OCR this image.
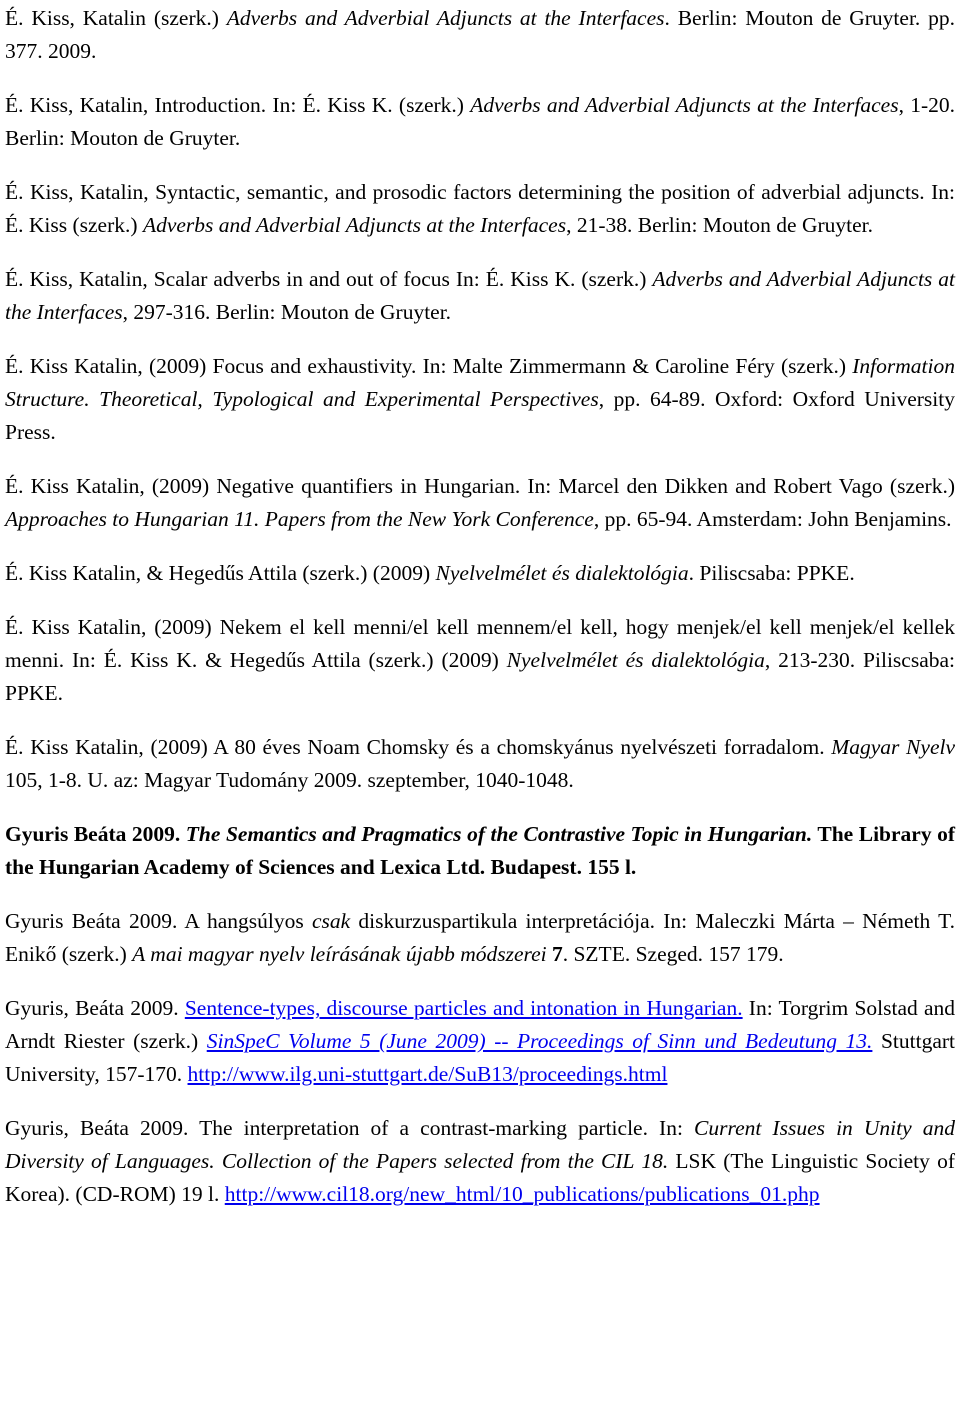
É. Kiss, Katalin (szerk.) Adverbs and Adverbial Adjuncts at the Interfaces. Berlin: Mouton de Gruyter. pp. 377. 2009.

É. Kiss, Katalin, Introduction. In: É. Kiss K. (szerk.) Adverbs and Adverbial Adjuncts at the Interfaces, 1-20. Berlin: Mouton de Gruyter.

É. Kiss, Katalin, Syntactic, semantic, and prosodic factors determining the position of adverbial adjuncts. In: É. Kiss (szerk.) Adverbs and Adverbial Adjuncts at the Interfaces, 21-38. Berlin: Mouton de Gruyter.

É. Kiss, Katalin, Scalar adverbs in and out of focus In: É. Kiss K. (szerk.) Adverbs and Adverbial Adjuncts at the Interfaces, 297-316. Berlin: Mouton de Gruyter.

É. Kiss Katalin, (2009) Focus and exhaustivity. In: Malte Zimmermann & Caroline Féry (szerk.) Information Structure. Theoretical, Typological and Experimental Perspectives, pp. 64-89. Oxford: Oxford University Press.

É. Kiss Katalin, (2009) Negative quantifiers in Hungarian. In: Marcel den Dikken and Robert Vago (szerk.) Approaches to Hungarian 11. Papers from the New York Conference, pp. 65-94. Amsterdam: John Benjamins.

É. Kiss Katalin, & Hegedűs Attila (szerk.) (2009) Nyelvelmélet és dialektológia. Piliscsaba: PPKE.

É. Kiss Katalin, (2009) Nekem el kell menni/el kell mennem/el kell, hogy menjek/el kell menjek/el kellek menni. In: É. Kiss K. & Hegedűs Attila (szerk.) (2009) Nyelvelmélet és dialektológia, 213-230. Piliscsaba: PPKE.

É. Kiss Katalin, (2009) A 80 éves Noam Chomsky és a chomskyánus nyelvészeti forradalom. Magyar Nyelv 105, 1-8. U. az: Magyar Tudomány 2009. szeptember, 1040-1048.

Gyuris Beáta 2009. The Semantics and Pragmatics of the Contrastive Topic in Hungarian. The Library of the Hungarian Academy of Sciences and Lexica Ltd. Budapest. 155 l.

Gyuris Beáta 2009. A hangsúlyos csak diskurzuspartikula interpretációja. In: Maleczki Márta – Németh T. Enikő (szerk.) A mai magyar nyelv leírásának újabb módszerei 7. SZTE. Szeged. 157 179.

Gyuris, Beáta 2009. Sentence-types, discourse particles and intonation in Hungarian. In: Torgrim Solstad and Arndt Riester (szerk.) SinSpeC Volume 5 (June 2009) -- Proceedings of Sinn und Bedeutung 13. Stuttgart University, 157-170. http://www.ilg.uni-stuttgart.de/SuB13/proceedings.html

Gyuris, Beáta 2009. The interpretation of a contrast-marking particle. In: Current Issues in Unity and Diversity of Languages. Collection of the Papers selected from the CIL 18. LSK (The Linguistic Society of Korea). (CD-ROM) 19 l. http://www.cil18.org/new_html/10_publications/publications_01.php
